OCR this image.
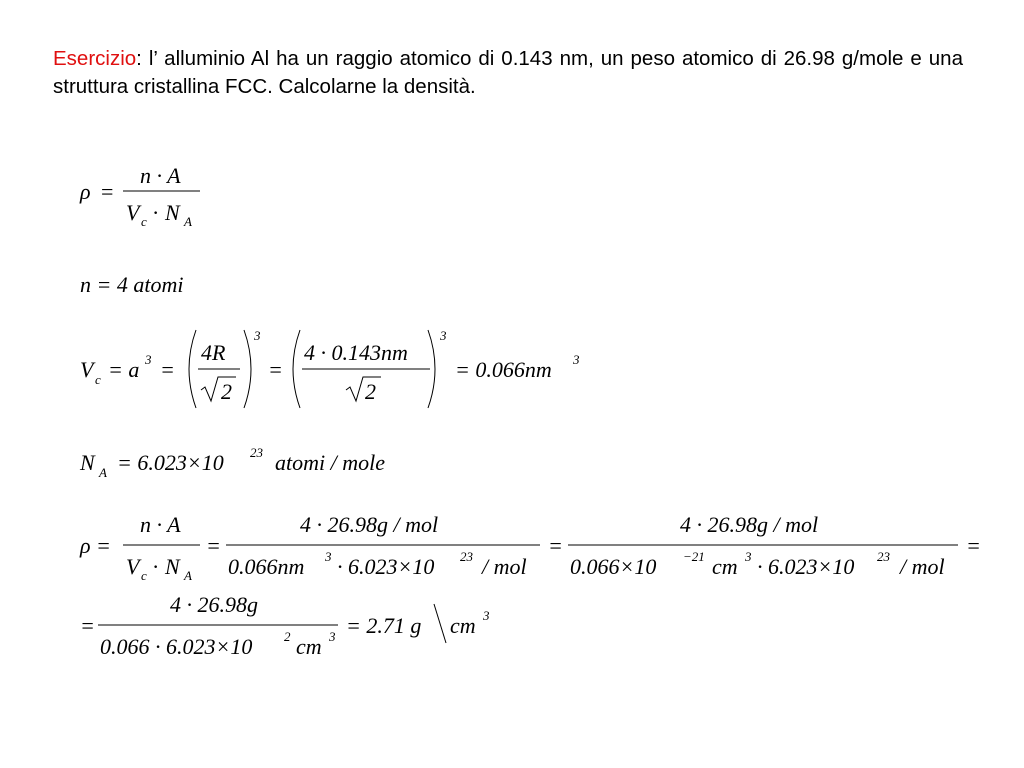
Esercizio: l’ alluminio Al ha un raggio atomico di 0.143 nm, un peso atomico di 26.98 g/mole e una struttura cristallina FCC. Calcolarne la densità.
ρ =
n · A
V c · N A
n = 4 atomi
V c = a 3 =
4R
2
3
=
4 · 0.143nm
2
3
= 0.066nm 3
N A = 6.023×10 23 atomi / mole
ρ =
n · A
V c · N A
=
4 · 26.98g / mol
0.066nm 3 · 6.023×10 23 / mol
=
4 · 26.98g / mol
0.066×10 −21 cm 3 · 6.023×10 23 / mol
=
=
4 · 26.98g
0.066 · 6.023×10 2 cm 3 = 2.71 g cm 3
